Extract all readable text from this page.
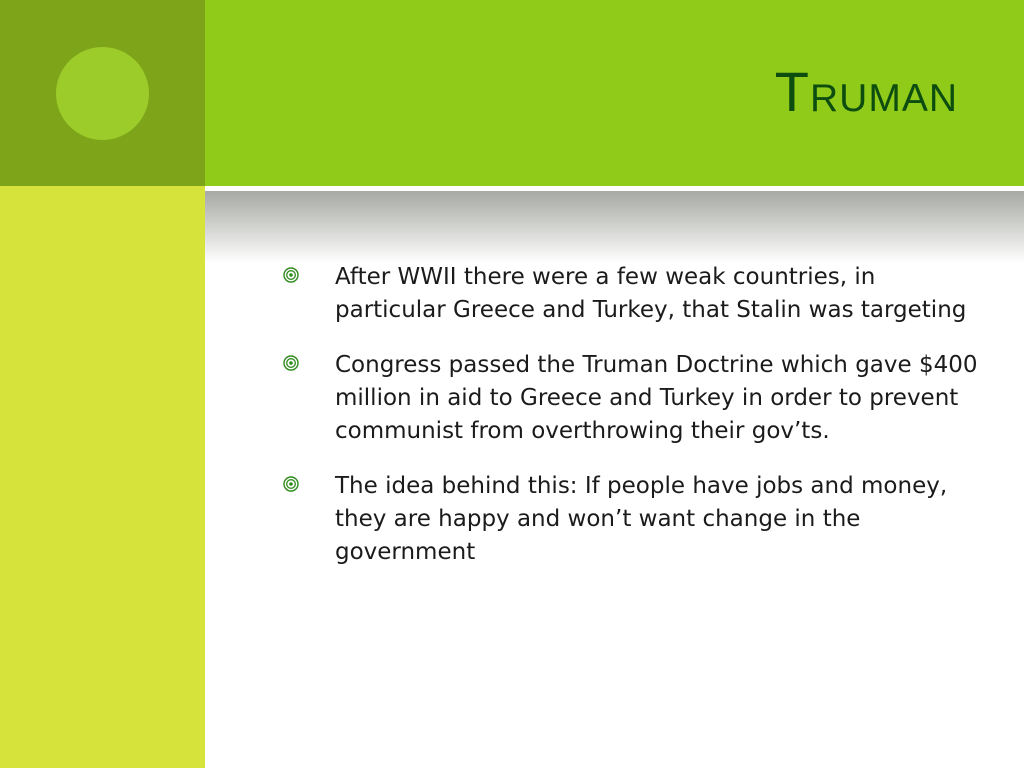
Truman
After WWII there were a few weak countries, in particular Greece and Turkey, that Stalin was targeting
Congress passed the Truman Doctrine which gave $400 million in aid to Greece and Turkey in order to prevent communist from overthrowing their gov’ts.
The idea behind this: If people have jobs and money, they are happy and won’t want change in the government
